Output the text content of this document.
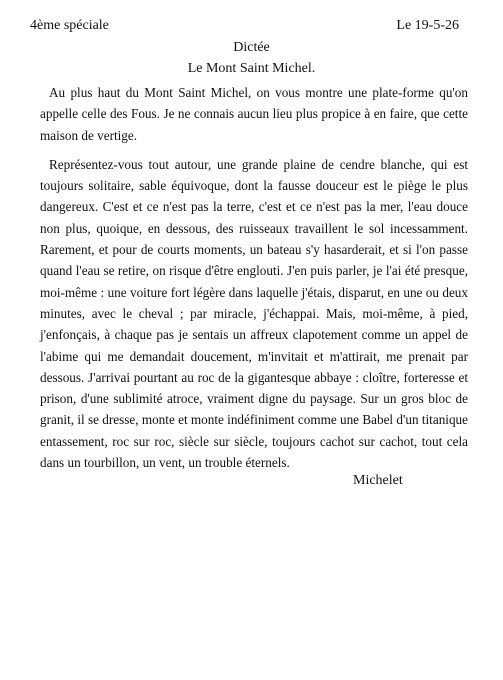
4ème spéciale	Le 19-5-26
Dictée
Le Mont Saint Michel.

Au plus haut du Mont Saint Michel, on vous montre une plate-forme qu'on appelle celle des Fous. Je ne connais aucun lieu plus propice à en faire, que cette maison de vertige.

Représentez-vous tout autour, une grande plaine de cendre blanche, qui est toujours solitaire, sable équivoque, dont la fausse douceur est le piège le plus dangereux. C'est et ce n'est pas la terre, c'est et ce n'est pas la mer, l'eau douce non plus, quoique, en dessous, des ruisseaux travaillent le sol incessamment. Rarement, et pour de courts moments, un bateau s'y hasarderait, et si l'on passe quand l'eau se retire, on risque d'être englouti. J'en puis parler, je l'ai été presque, moi-même : une voiture fort légère dans laquelle j'étais, disparut, en une ou deux minutes, avec le cheval ; par miracle, j'échappai. Mais, moi-même, à pied, j'enfonçais, à chaque pas je sentais un affreux clapotement comme un appel de l'abime qui me demandait doucement, m'invitait et m'attirait, me prenait par dessous. J'arrivai pourtant au roc de la gigantesque abbaye : cloître, forteresse et prison, d'une sublimité atroce, vraiment digne du paysage. Sur un gros bloc de granit, il se dresse, monte et monte indéfiniment comme une Babel d'un titanique entassement, roc sur roc, siècle sur siècle, toujours cachot sur cachot, tout cela dans un tourbillon, un vent, un trouble éternels.

Michelet
